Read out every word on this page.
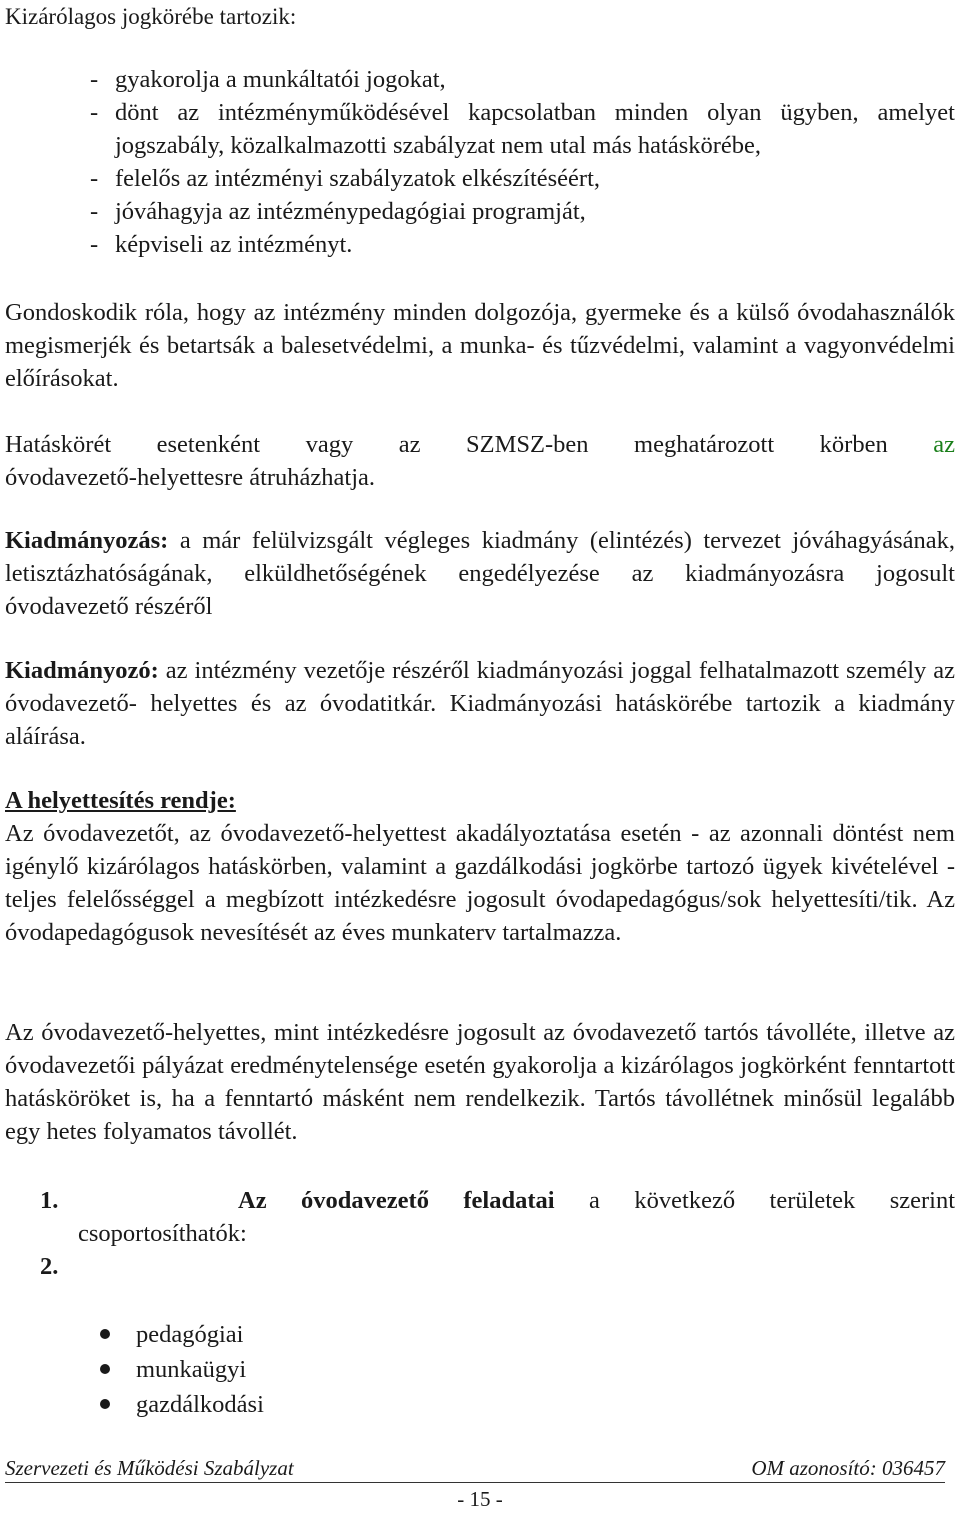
Kizárólagos jogkörébe tartozik:
- gyakorolja a munkáltatói jogokat,
- dönt az intézményműködésével kapcsolatban minden olyan ügyben, amelyet jogszabály, közalkalmazotti szabályzat nem utal más hatáskörébe,
- felelős az intézményi szabályzatok elkészítéséért,
- jóváhagyja az intézménypedagógiai programját,
- képviseli az intézményt.

Gondoskodik róla, hogy az intézmény minden dolgozója, gyermeke és a külső óvodahasználók megismerjék és betartsák a balesetvédelmi, a munka- és tűzvédelmi, valamint a vagyonvédelmi előírásokat.

Hatáskörét esetenként vagy az SZMSZ-ben meghatározott körben az
óvodavezető-helyettesre átruházhatja.

Kiadmányozás: a már felülvizsgált végleges kiadmány (elintézés) tervezet jóváhagyásának, letisztázhatóságának, elküldhetőségének engedélyezése az kiadmányozásra jogosult óvodavezető részéről

Kiadmányozó: az intézmény vezetője részéről kiadmányozási joggal felhatalmazott személy az óvodavezető- helyettes és az óvodatitkár. Kiadmányozási hatáskörébe tartozik a kiadmány aláírása.

A helyettesítés rendje:
Az óvodavezetőt, az óvodavezető-helyettest akadályoztatása esetén - az azonnali döntést nem igénylő kizárólagos hatáskörben, valamint a gazdálkodási jogkörbe tartozó ügyek kivételével - teljes felelősséggel a megbízott intézkedésre jogosult óvodapedagógus/sok helyettesíti/tik. Az óvodapedagógusok nevesítését az éves munkaterv tartalmazza.

Az óvodavezető-helyettes, mint intézkedésre jogosult az óvodavezető tartós távolléte, illetve az óvodavezetői pályázat eredménytelensége esetén gyakorolja a kizárólagos jogkörként fenntartott hatásköröket is, ha a fenntartó másként nem rendelkezik. Tartós távollétnek minősül legalább egy hetes folyamatos távollét.

1.	Az óvodavezető feladatai a következő területek szerint
csoportosíthatók:
2.
pedagógiai
munkaügyi
gazdálkodási
Szervezeti és Működési Szabályzat	OM azonosító: 036457
- 15 -
